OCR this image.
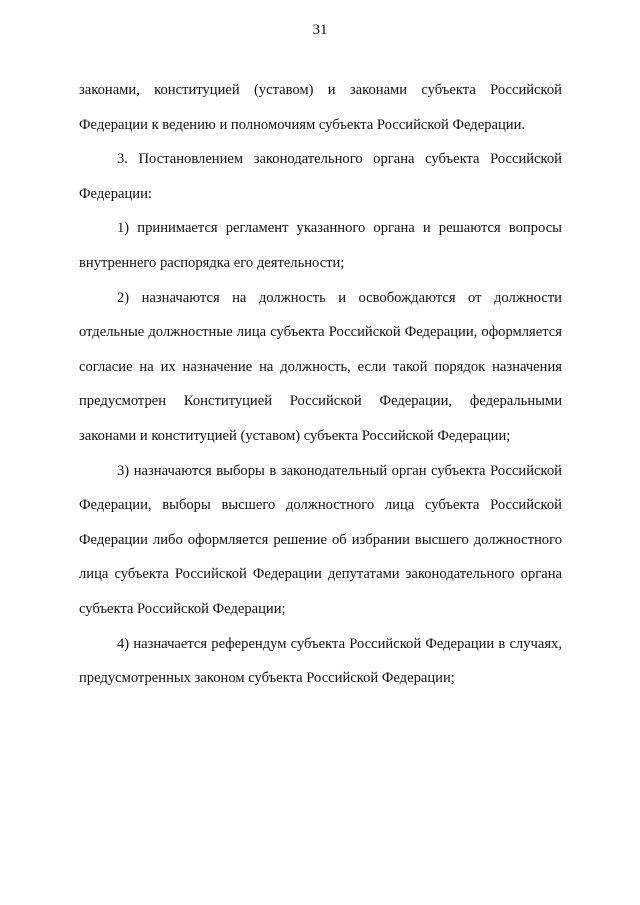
31

законами, конституцией (уставом) и законами субъекта Российской Федерации к ведению и полномочиям субъекта Российской Федерации.

3. Постановлением законодательного органа субъекта Российской Федерации:

1) принимается регламент указанного органа и решаются вопросы внутреннего распорядка его деятельности;

2) назначаются на должность и освобождаются от должности отдельные должностные лица субъекта Российской Федерации, оформляется согласие на их назначение на должность, если такой порядок назначения предусмотрен Конституцией Российской Федерации, федеральными законами и конституцией (уставом) субъекта Российской Федерации;

3) назначаются выборы в законодательный орган субъекта Российской Федерации, выборы высшего должностного лица субъекта Российской Федерации либо оформляется решение об избрании высшего должностного лица субъекта Российской Федерации депутатами законодательного органа субъекта Российской Федерации;

4) назначается референдум субъекта Российской Федерации в случаях, предусмотренных законом субъекта Российской Федерации;
